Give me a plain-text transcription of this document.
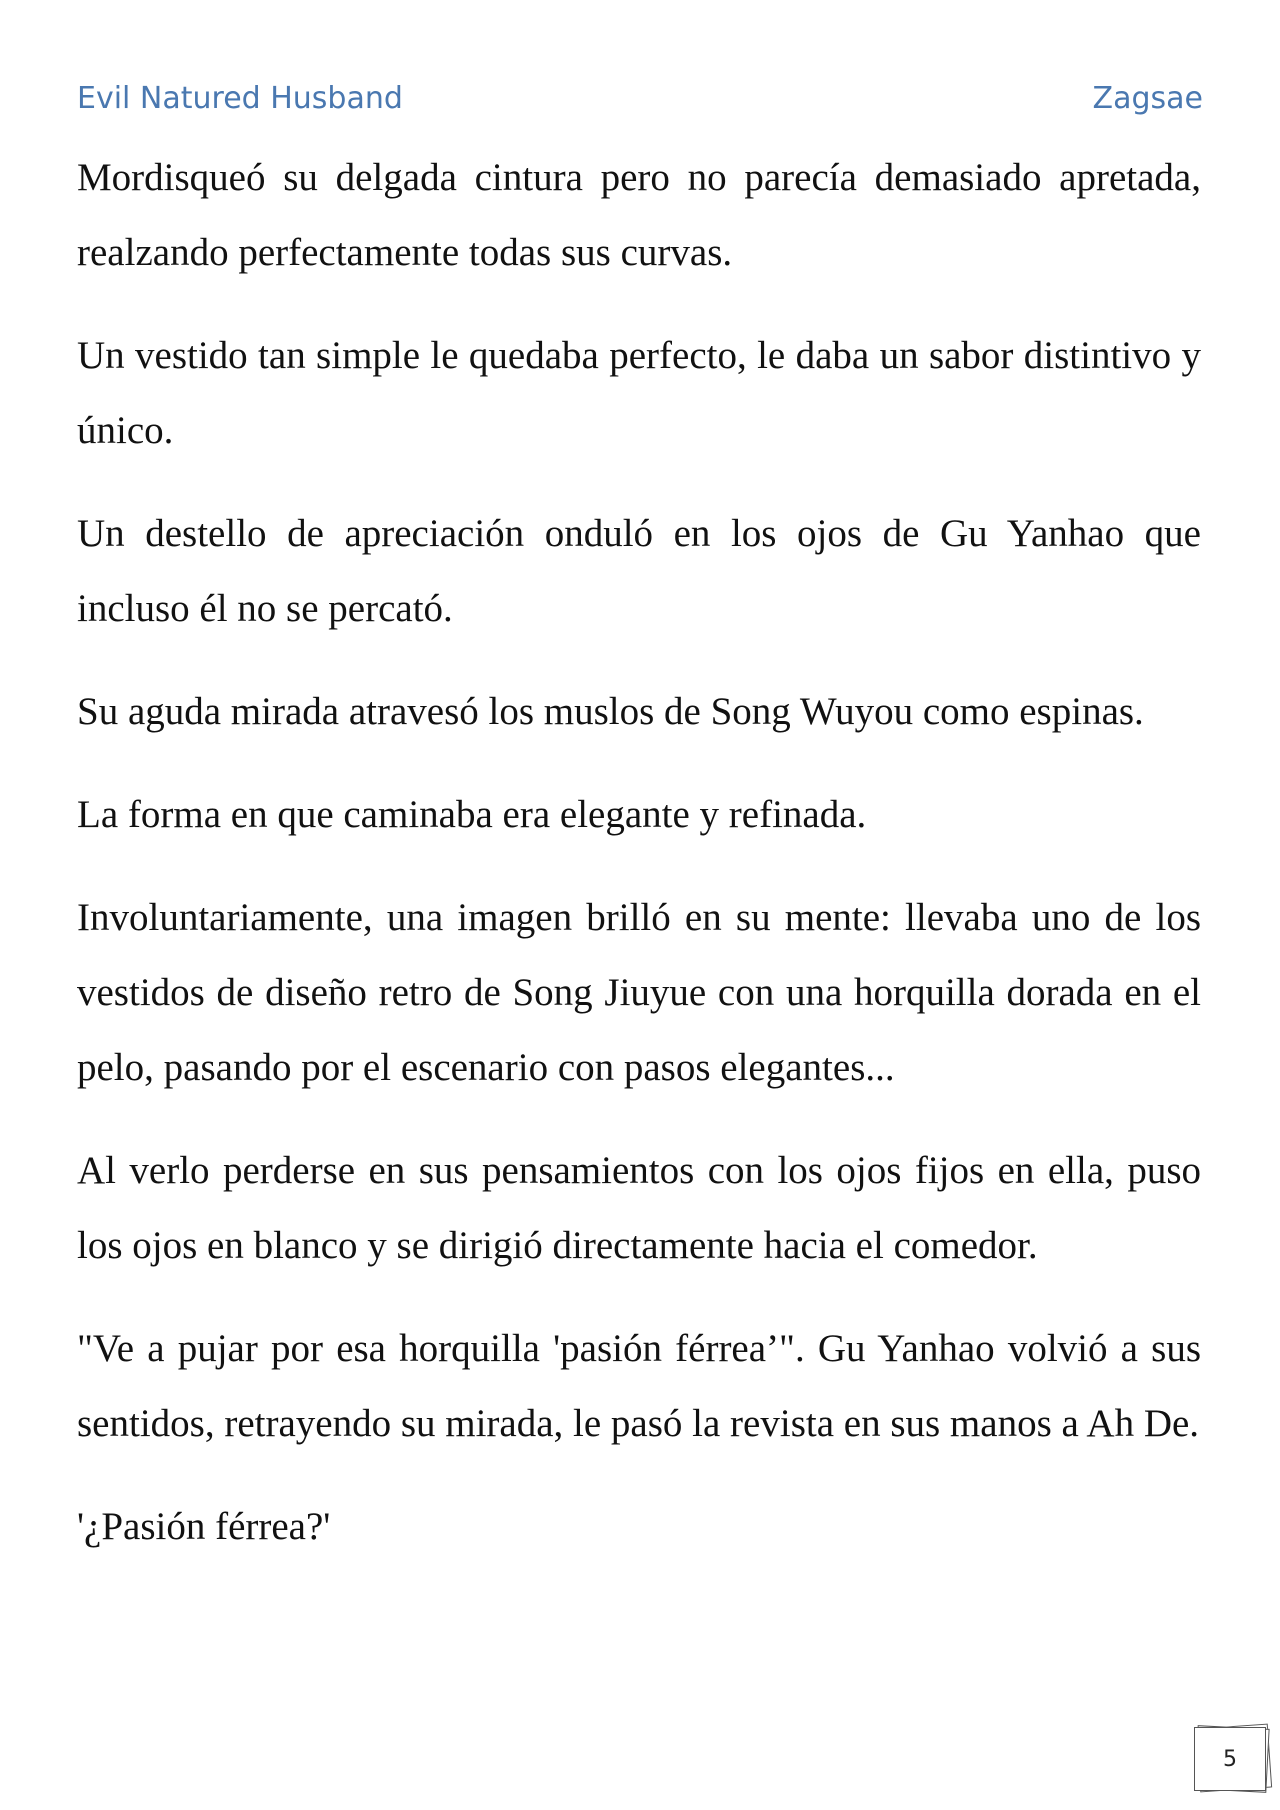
Evil Natured Husband	Zagsae

Mordisqueó su delgada cintura pero no parecía demasiado apretada, realzando perfectamente todas sus curvas.

Un vestido tan simple le quedaba perfecto, le daba un sabor distintivo y único.

Un destello de apreciación onduló en los ojos de Gu Yanhao que incluso él no se percató.

Su aguda mirada atravesó los muslos de Song Wuyou como espinas.

La forma en que caminaba era elegante y refinada.

Involuntariamente, una imagen brilló en su mente: llevaba uno de los vestidos de diseño retro de Song Jiuyue con una horquilla dorada en el pelo, pasando por el escenario con pasos elegantes...

Al verlo perderse en sus pensamientos con los ojos fijos en ella, puso los ojos en blanco y se dirigió directamente hacia el comedor.

"Ve a pujar por esa horquilla 'pasión férrea’". Gu Yanhao volvió a sus sentidos, retrayendo su mirada, le pasó la revista en sus manos a Ah De.

'¿Pasión férrea?'

5
